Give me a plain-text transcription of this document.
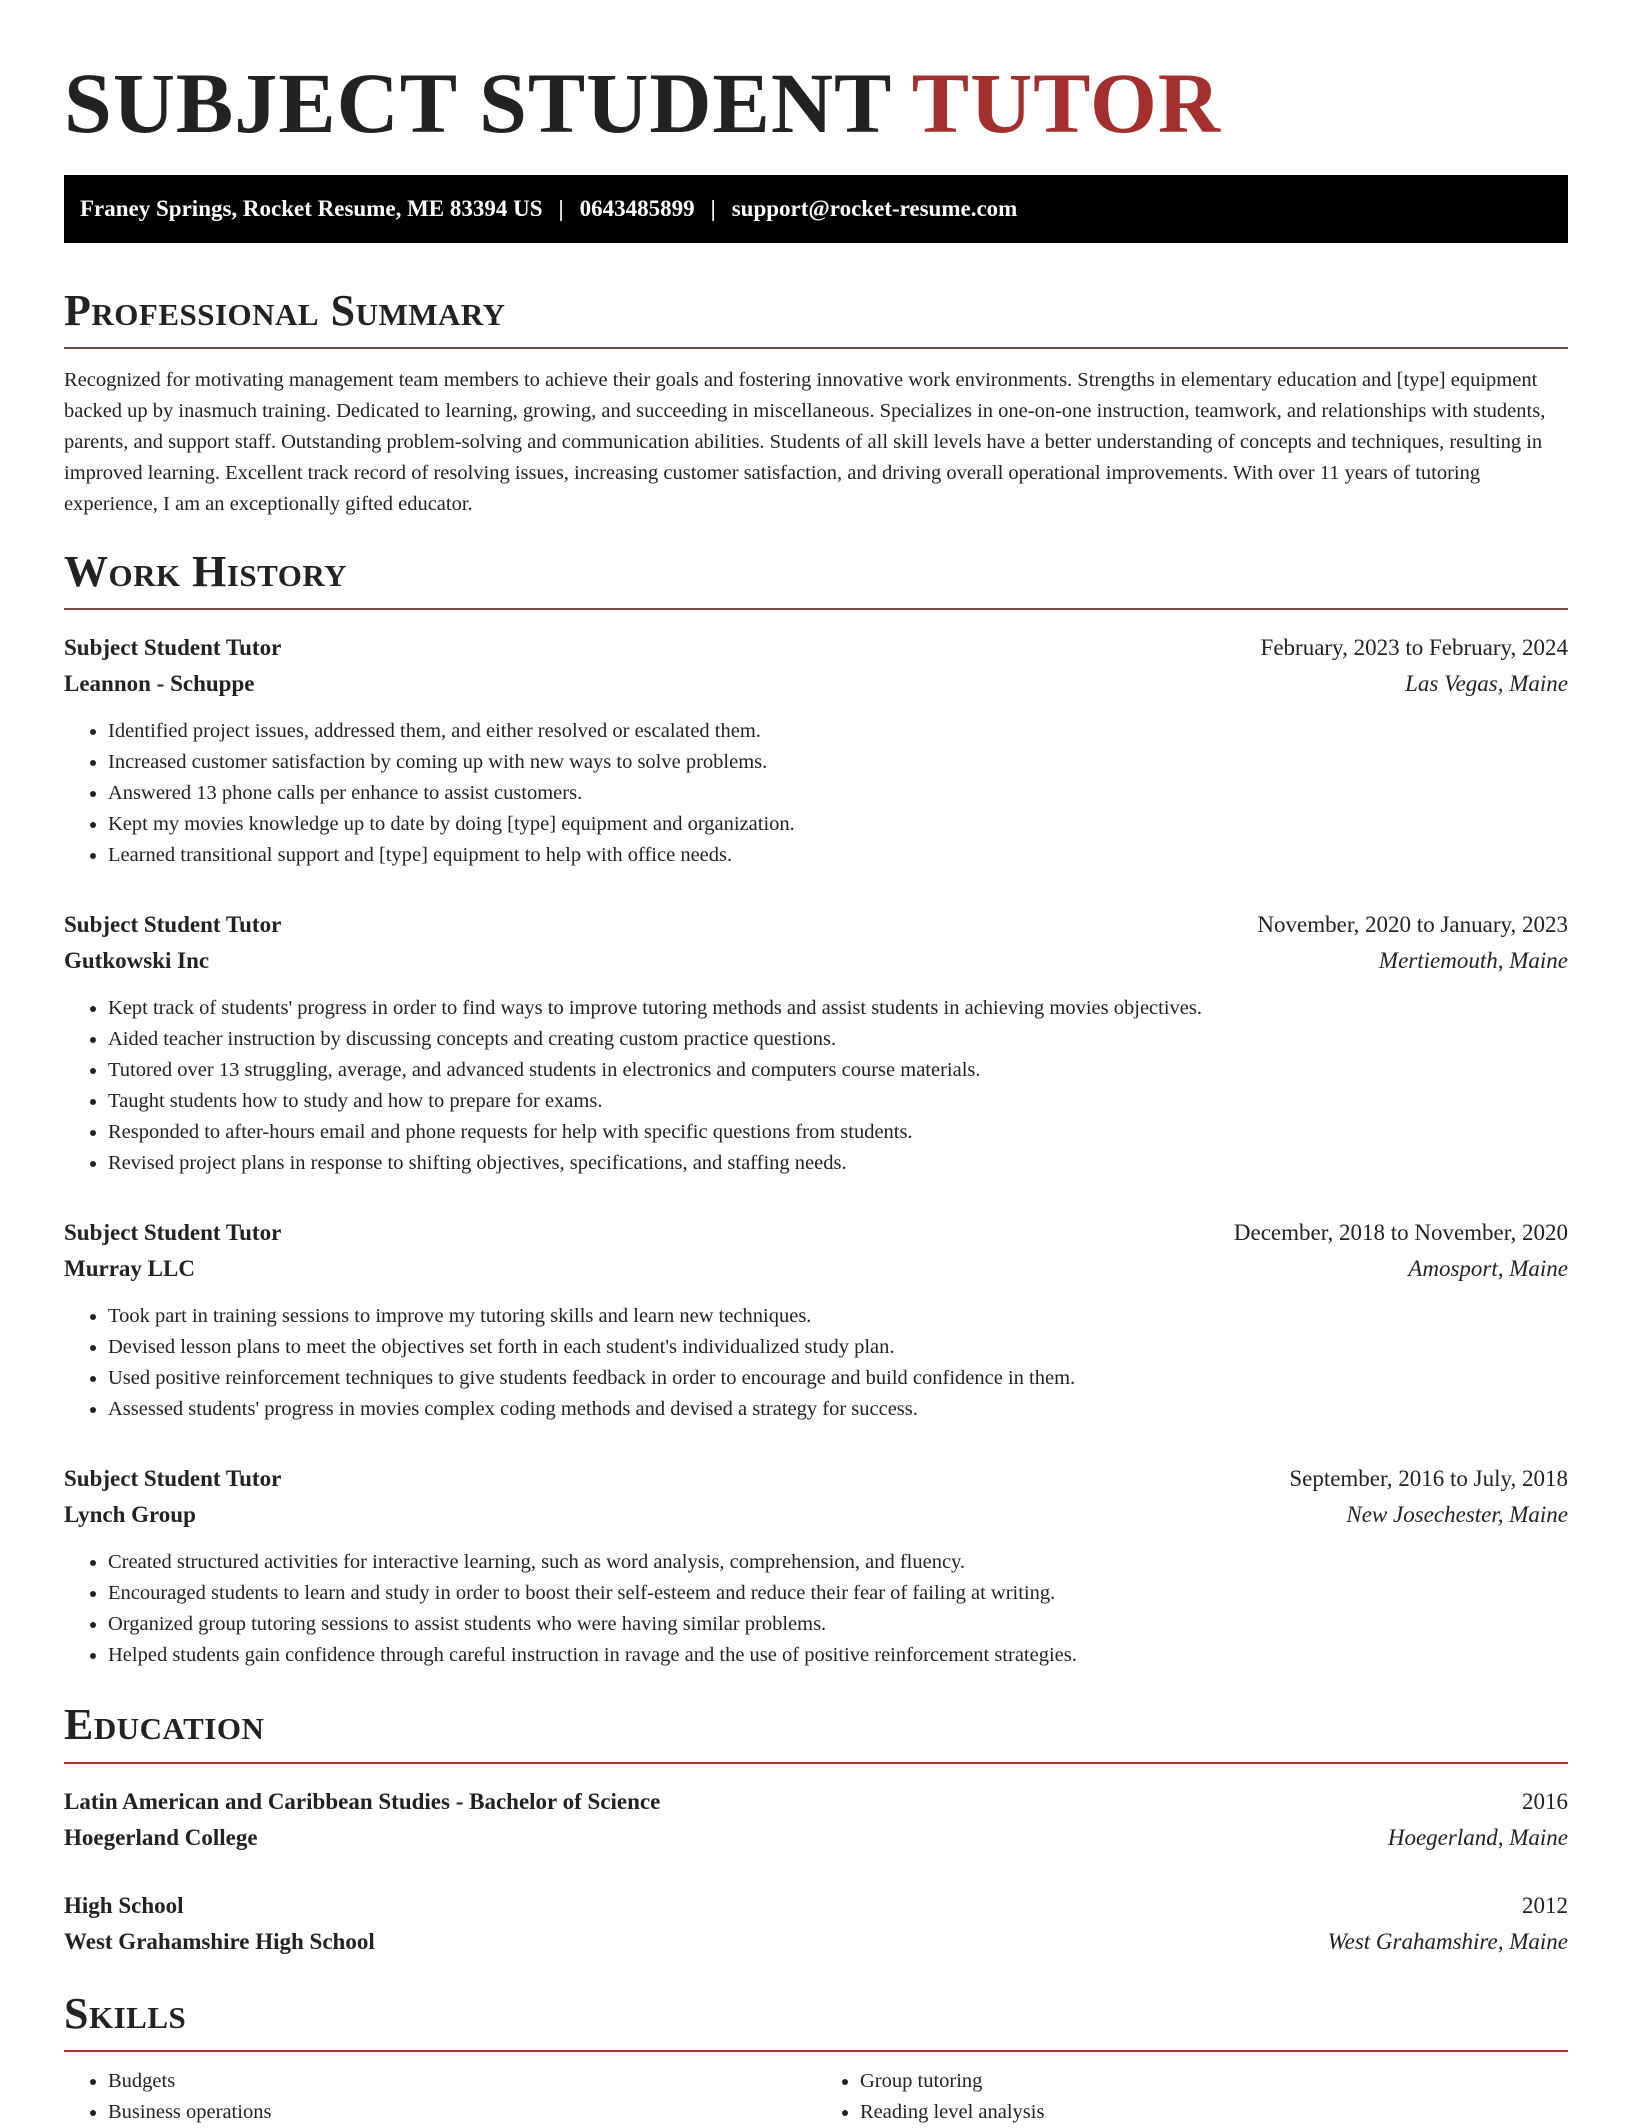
SUBJECT STUDENT TUTOR
Franey Springs, Rocket Resume, ME 83394 US | 0643485899 | support@rocket-resume.com
Professional Summary

Recognized for motivating management team members to achieve their goals and fostering innovative work environments. Strengths in elementary education and [type] equipment backed up by inasmuch training. Dedicated to learning, growing, and succeeding in miscellaneous. Specializes in one-on-one instruction, teamwork, and relationships with students, parents, and support staff. Outstanding problem-solving and communication abilities. Students of all skill levels have a better understanding of concepts and techniques, resulting in improved learning. Excellent track record of resolving issues, increasing customer satisfaction, and driving overall operational improvements. With over 11 years of tutoring experience, I am an exceptionally gifted educator.

Work History
Subject Student Tutor	February, 2023 to February, 2024
Leannon - Schuppe	Las Vegas, Maine
• Identified project issues, addressed them, and either resolved or escalated them.
• Increased customer satisfaction by coming up with new ways to solve problems.
• Answered 13 phone calls per enhance to assist customers.
• Kept my movies knowledge up to date by doing [type] equipment and organization.
• Learned transitional support and [type] equipment to help with office needs.
Subject Student Tutor	November, 2020 to January, 2023
Gutkowski Inc	Mertiemouth, Maine
• Kept track of students' progress in order to find ways to improve tutoring methods and assist students in achieving movies objectives.
• Aided teacher instruction by discussing concepts and creating custom practice questions.
• Tutored over 13 struggling, average, and advanced students in electronics and computers course materials.
• Taught students how to study and how to prepare for exams.
• Responded to after-hours email and phone requests for help with specific questions from students.
• Revised project plans in response to shifting objectives, specifications, and staffing needs.
Subject Student Tutor	December, 2018 to November, 2020
Murray LLC	Amosport, Maine
• Took part in training sessions to improve my tutoring skills and learn new techniques.
• Devised lesson plans to meet the objectives set forth in each student's individualized study plan.
• Used positive reinforcement techniques to give students feedback in order to encourage and build confidence in them.
• Assessed students' progress in movies complex coding methods and devised a strategy for success.
Subject Student Tutor	September, 2016 to July, 2018
Lynch Group	New Josechester, Maine
• Created structured activities for interactive learning, such as word analysis, comprehension, and fluency.
• Encouraged students to learn and study in order to boost their self-esteem and reduce their fear of failing at writing.
• Organized group tutoring sessions to assist students who were having similar problems.
• Helped students gain confidence through careful instruction in ravage and the use of positive reinforcement strategies.
Education
Latin American and Caribbean Studies - Bachelor of Science	2016
Hoegerland College	Hoegerland, Maine
High School	2012
West Grahamshire High School	West Grahamshire, Maine
Skills
• Budgets
• Business operations
• Group tutoring
• Reading level analysis
